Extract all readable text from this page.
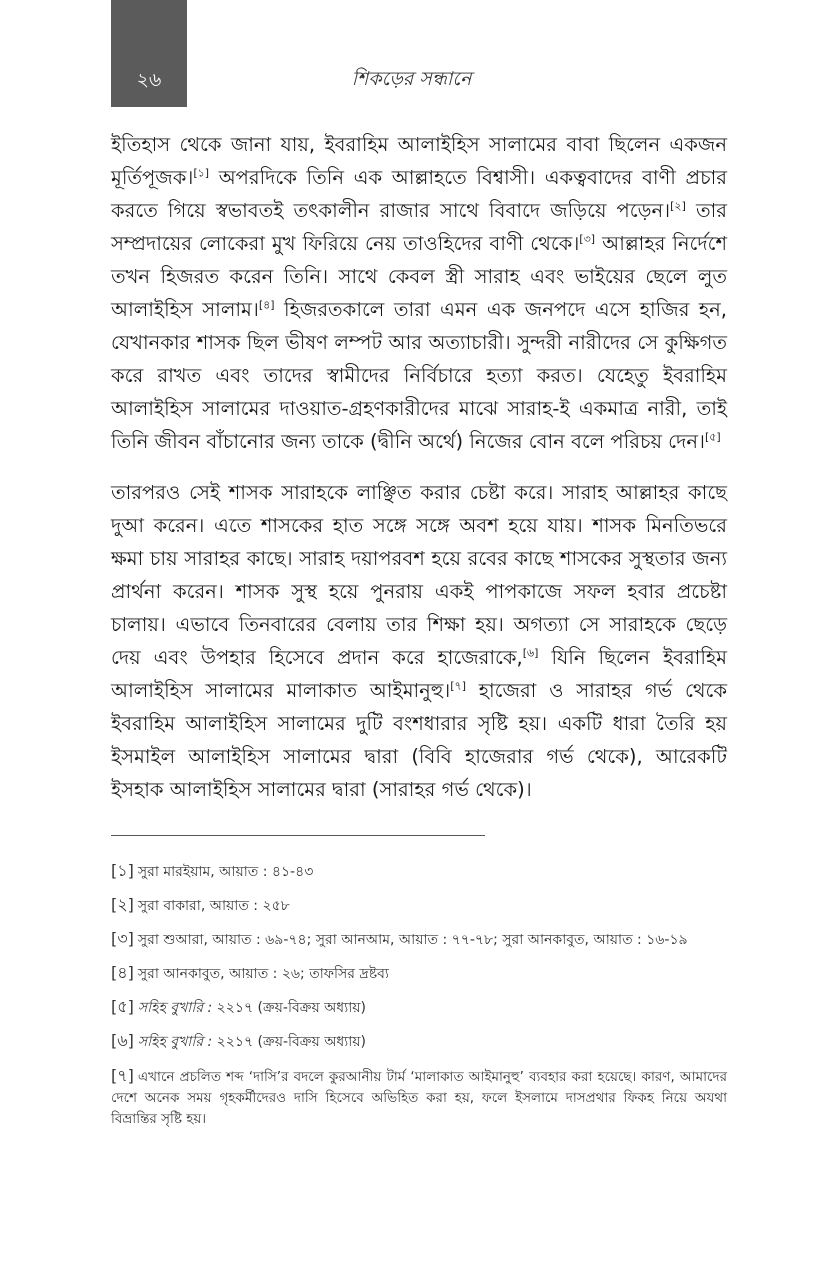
২৬	শিকড়ের সন্ধানে

ইতিহাস থেকে জানা যায়, ইবরাহিম আলাইহিস সালামের বাবা ছিলেন একজন মূর্তিপূজক।[১] অপরদিকে তিনি এক আল্লাহতে বিশ্বাসী। একত্ববাদের বাণী প্রচার করতে গিয়ে স্বভাবতই তৎকালীন রাজার সাথে বিবাদে জড়িয়ে পড়েন।[২] তার সম্প্রদায়ের লোকেরা মুখ ফিরিয়ে নেয় তাওহিদের বাণী থেকে।[৩] আল্লাহর নির্দেশে তখন হিজরত করেন তিনি। সাথে কেবল স্ত্রী সারাহ এবং ভাইয়ের ছেলে লুত আলাইহিস সালাম।[৪] হিজরতকালে তারা এমন এক জনপদে এসে হাজির হন, যেখানকার শাসক ছিল ভীষণ লম্পট আর অত্যাচারী। সুন্দরী নারীদের সে কুক্ষিগত করে রাখত এবং তাদের স্বামীদের নির্বিচারে হত্যা করত। যেহেতু ইবরাহিম আলাইহিস সালামের দাওয়াত-গ্রহণকারীদের মাঝে সারাহ-ই একমাত্র নারী, তাই তিনি জীবন বাঁচানোর জন্য তাকে (দ্বীনি অর্থে) নিজের বোন বলে পরিচয় দেন।[৫]

তারপরও সেই শাসক সারাহকে লাঞ্ছিত করার চেষ্টা করে। সারাহ আল্লাহর কাছে দুআ করেন। এতে শাসকের হাত সঙ্গে সঙ্গে অবশ হয়ে যায়। শাসক মিনতিভরে ক্ষমা চায় সারাহর কাছে। সারাহ দয়াপরবশ হয়ে রবের কাছে শাসকের সুস্থতার জন্য প্রার্থনা করেন। শাসক সুস্থ হয়ে পুনরায় একই পাপকাজে সফল হবার প্রচেষ্টা চালায়। এভাবে তিনবারের বেলায় তার শিক্ষা হয়। অগত্যা সে সারাহকে ছেড়ে দেয় এবং উপহার হিসেবে প্রদান করে হাজেরাকে,[৬] যিনি ছিলেন ইবরাহিম আলাইহিস সালামের মালাকাত আইমানুহু।[৭] হাজেরা ও সারাহর গর্ভ থেকে ইবরাহিম আলাইহিস সালামের দুটি বংশধারার সৃষ্টি হয়। একটি ধারা তৈরি হয় ইসমাইল আলাইহিস সালামের দ্বারা (বিবি হাজেরার গর্ভ থেকে), আরেকটি ইসহাক আলাইহিস সালামের দ্বারা (সারাহর গর্ভ থেকে)।

[১] সুরা মারইয়াম, আয়াত : ৪১-৪৩

[২] সুরা বাকারা, আয়াত : ২৫৮

[৩] সুরা শুআরা, আয়াত : ৬৯-৭৪; সুরা আনআম, আয়াত : ৭৭-৭৮; সুরা আনকাবুত, আয়াত : ১৬-১৯

[৪] সুরা আনকাবুত, আয়াত : ২৬; তাফসির দ্রষ্টব্য

[৫] সহিহ বুখারি : ২২১৭ (ক্রয়-বিক্রয় অধ্যায়)

[৬] সহিহ বুখারি : ২২১৭ (ক্রয়-বিক্রয় অধ্যায়)

[৭] এখানে প্রচলিত শব্দ ‘দাসি’র বদলে কুরআনীয় টার্ম ‘মালাকাত আইমানুহু’ ব্যবহার করা হয়েছে। কারণ, আমাদের দেশে অনেক সময় গৃহকর্মীদেরও দাসি হিসেবে অভিহিত করা হয়, ফলে ইসলামে দাসপ্রথার ফিকহ নিয়ে অযথা বিভ্রান্তির সৃষ্টি হয়।
